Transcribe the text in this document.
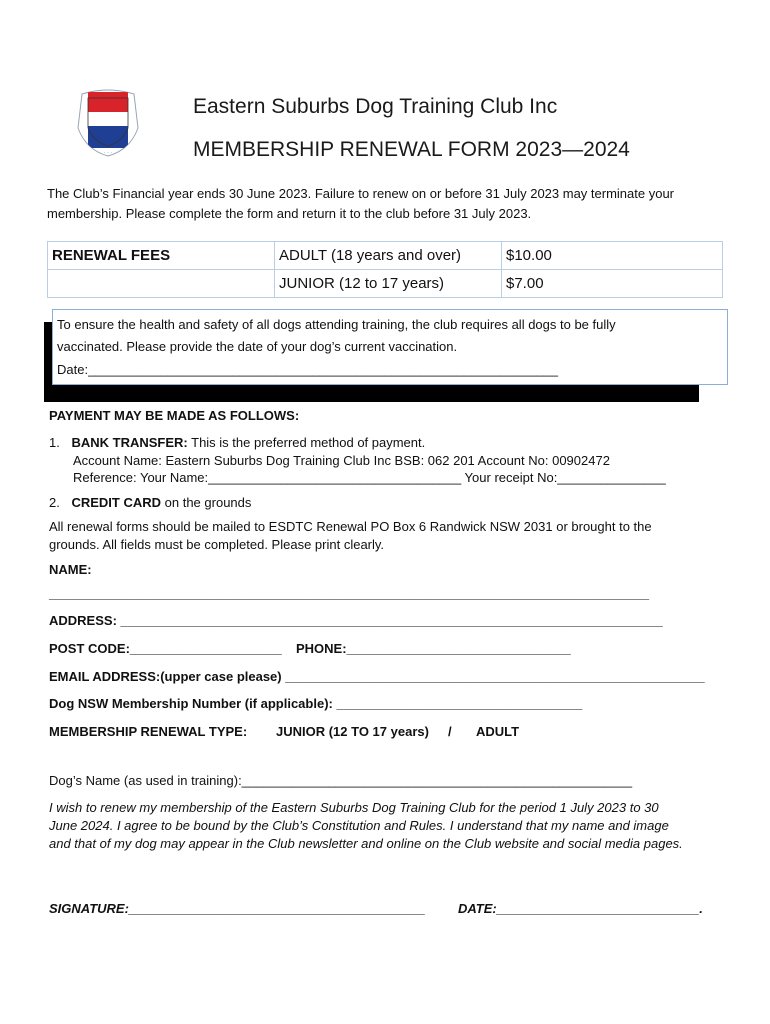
· · ·
Eastern Suburbs Dog Training Club Inc
MEMBERSHIP RENEWAL FORM 2023—2024
The Club’s Financial year ends 30 June 2023. Failure to renew on or before 31 July 2023 may terminate your
membership. Please complete the form and return it to the club before 31 July 2023.
RENEWAL FEES	ADULT (18 years and over)	$10.00
	JUNIOR (12 to 17 years)	$7.00
To ensure the health and safety of all dogs attending training, the club requires all dogs to be fully
vaccinated. Please provide the date of your dog’s current vaccination.
Date:_________________________________________________________________
PAYMENT MAY BE MADE AS FOLLOWS:
1. BANK TRANSFER: This is the preferred method of payment.
Account Name: Eastern Suburbs Dog Training Club Inc BSB: 062 201 Account No: 00902472
Reference: Your Name:___________________________________ Your receipt No:_______________
2. CREDIT CARD on the grounds
All renewal forms should be mailed to ESDTC Renewal PO Box 6 Randwick NSW 2031 or brought to the
grounds. All fields must be completed. Please print clearly.
NAME:
___________________________________________________________________________________
ADDRESS: ___________________________________________________________________________
POST CODE:_____________________ PHONE:_______________________________
EMAIL ADDRESS:(upper case please) __________________________________________________________
Dog NSW Membership Number (if applicable): __________________________________
MEMBERSHIP RENEWAL TYPE: JUNIOR (12 TO 17 years) / ADULT
Dog’s Name (as used in training):______________________________________________________
I wish to renew my membership of the Eastern Suburbs Dog Training Club for the period 1 July 2023 to 30
June 2024. I agree to be bound by the Club’s Constitution and Rules. I understand that my name and image
and that of my dog may appear in the Club newsletter and online on the Club website and social media pages.
SIGNATURE:_________________________________________	DATE:____________________________.
